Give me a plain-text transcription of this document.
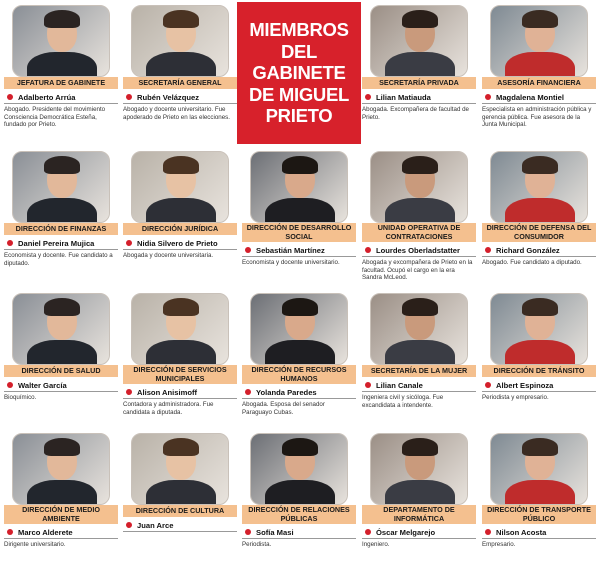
MIEMBROS
DEL
GABINETE
DE MIGUEL
PRIETO
JEFATURA DE GABINETE
Adalberto Arrúa
Abogado. Presidente del movimiento Consciencia Democrática Esteña, fundado por Prieto.
SECRETARÍA GENERAL
Rubén Velázquez
Abogado y docente universitario. Fue apoderado de Prieto en las elecciones.
SECRETARÍA PRIVADA
Lilian Matiauda
Abogada. Excompañera de facultad de Prieto.
ASESORÍA FINANCIERA
Magdalena Montiel
Especialista en administración pública y gerencia pública. Fue asesora de la Junta Municipal.
DIRECCIÓN DE FINANZAS
Daniel Pereira Mujica
Economista y docente. Fue candidato a diputado.
DIRECCIÓN JURÍDICA
Nidia Silvero de Prieto
Abogada y docente universitaria.
DIRECCIÓN DE DESARROLLO SOCIAL
Sebastián Martínez
Economista y docente universitario.
UNIDAD OPERATIVA DE CONTRATACIONES
Lourdes Oberladstatter
Abogada y excompañera de Prieto en la facultad. Ocupó el cargo en la era Sandra McLeod.
DIRECCIÓN DE DEFENSA DEL CONSUMIDOR
Richard González
Abogado. Fue candidato a diputado.
DIRECCIÓN DE SALUD
Walter García
Bioquímico.
DIRECCIÓN DE SERVICIOS MUNICIPALES
Alison Anisimoff
Contadora y administradora. Fue candidata a diputada.
DIRECCIÓN DE RECURSOS HUMANOS
Yolanda Paredes
Abogada. Esposa del senador Paraguayo Cubas.
SECRETARÍA DE LA MUJER
Lilian Canale
Ingeniera civil y sicóloga. Fue excandidata a intendente.
DIRECCIÓN DE TRÁNSITO
Albert Espinoza
Periodista y empresario.
DIRECCIÓN DE MEDIO AMBIENTE
Marco Alderete
Dirigente universitario.
DIRECCIÓN DE CULTURA
Juan Arce
DIRECCIÓN DE RELACIONES PÚBLICAS
Sofía Masi
Periodista.
DEPARTAMENTO DE INFORMÁTICA
Óscar Melgarejo
Ingeniero.
DIRECCIÓN DE TRANSPORTE PÚBLICO
Nilson Acosta
Empresario.
